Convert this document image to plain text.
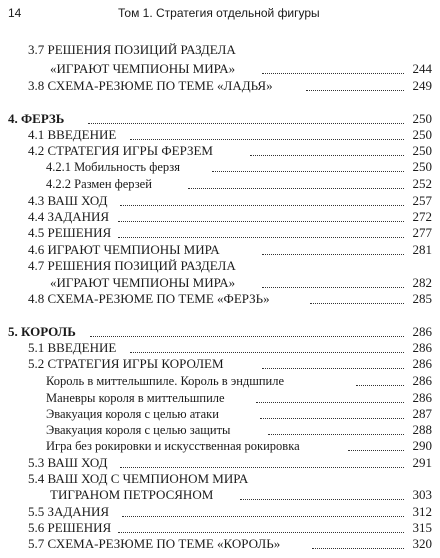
14	Том 1. Стратегия отдельной фигуры
3.7 РЕШЕНИЯ ПОЗИЦИЙ РАЗДЕЛА
«ИГРАЮТ ЧЕМПИОНЫ МИРА»	244
3.8 СХЕМА-РЕЗЮМЕ ПО ТЕМЕ «ЛАДЬЯ»	249
4. ФЕРЗЬ	250
4.1 ВВЕДЕНИЕ	250
4.2 СТРАТЕГИЯ ИГРЫ ФЕРЗЕМ	250
4.2.1 Мобильность ферзя	250
4.2.2 Размен ферзей	252
4.3 ВАШ ХОД	257
4.4 ЗАДАНИЯ	272
4.5 РЕШЕНИЯ	277
4.6 ИГРАЮТ ЧЕМПИОНЫ МИРА	281
4.7 РЕШЕНИЯ ПОЗИЦИЙ РАЗДЕЛА
«ИГРАЮТ ЧЕМПИОНЫ МИРА»	282
4.8 СХЕМА-РЕЗЮМЕ ПО ТЕМЕ «ФЕРЗЬ»	285
5. КОРОЛЬ	286
5.1 ВВЕДЕНИЕ	286
5.2 СТРАТЕГИЯ ИГРЫ КОРОЛЕМ	286
Король в миттельшпиле. Король в эндшпиле	286
Маневры короля в миттельшпиле	286
Эвакуация короля с целью атаки	287
Эвакуация короля с целью защиты	288
Игра без рокировки и искусственная рокировка	290
5.3 ВАШ ХОД	291
5.4 ВАШ ХОД С ЧЕМПИОНОМ МИРА
ТИГРАНОМ ПЕТРОСЯНОМ	303
5.5 ЗАДАНИЯ	312
5.6 РЕШЕНИЯ	315
5.7 СХЕМА-РЕЗЮМЕ ПО ТЕМЕ «КОРОЛЬ»	320
